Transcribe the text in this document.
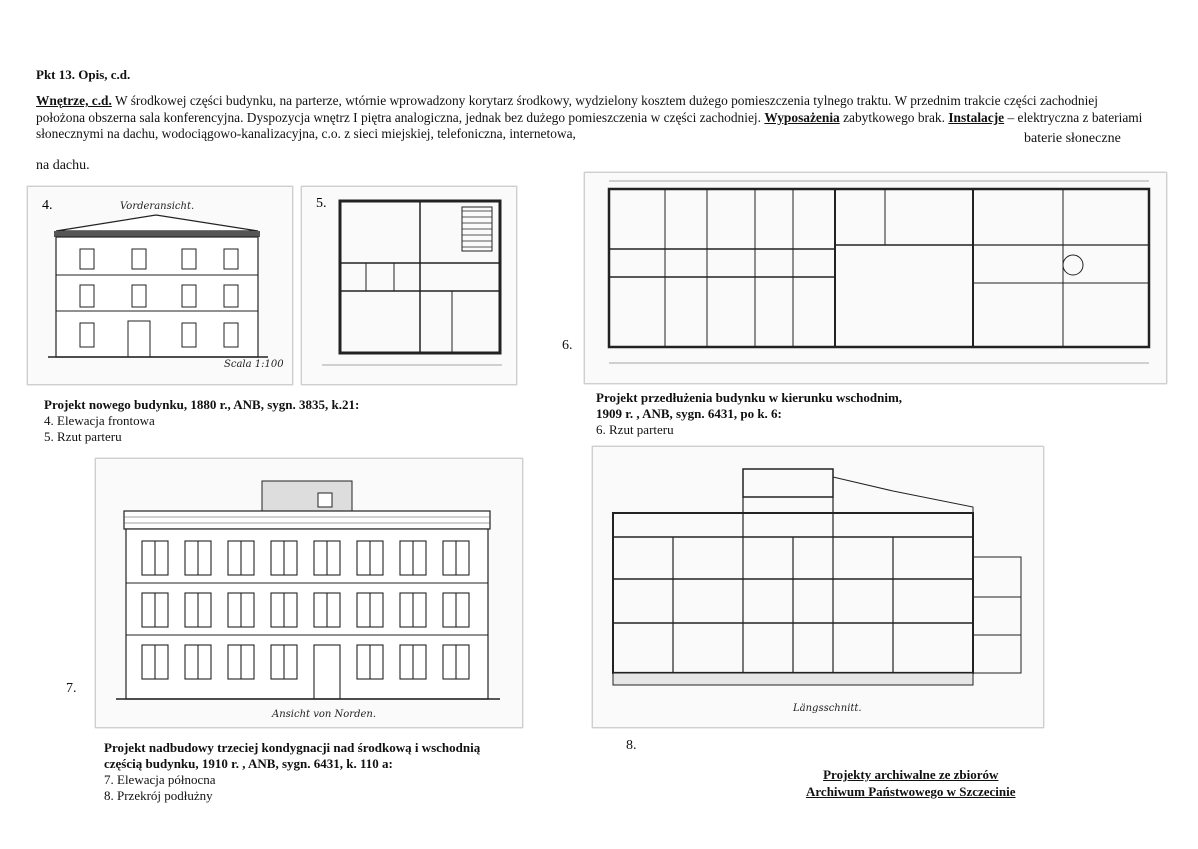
Pkt 13. Opis, c.d.
Wnętrze, c.d. W środkowej części budynku, na parterze, wtórnie wprowadzony korytarz środkowy, wydzielony kosztem dużego pomieszczenia tylnego traktu. W przednim trakcie części zachodniej położona obszerna sala konferencyjna. Dyspozycja wnętrz I piętra analogiczna, jednak bez dużego pomieszczenia w części zachodniej. Wyposażenia zabytkowego brak. Instalacje – elektryczna z bateriami słonecznymi na dachu, wodociągowo-kanalizacyjna, c.o. z sieci miejskiej, telefoniczna, internetowa,	baterie słoneczne
na dachu.
4.	Vorderansicht.
Scala 1:100
5.
6.
Projekt nowego budynku, 1880 r., ANB, sygn. 3835, k.21:
4. Elewacja frontowa
5. Rzut parteru
Projekt przedłużenia budynku w kierunku wschodnim,
1909 r. , ANB, sygn. 6431, po k. 6:
6. Rzut parteru
Ansicht von Norden.
7.
Längsschnitt.
8.
Projekt nadbudowy trzeciej kondygnacji nad środkową i wschodnią
częścią budynku, 1910 r. , ANB, sygn. 6431, k. 110 a:
7. Elewacja północna
8. Przekrój podłużny
Projekty archiwalne ze zbiorów
Archiwum Państwowego w Szczecinie
